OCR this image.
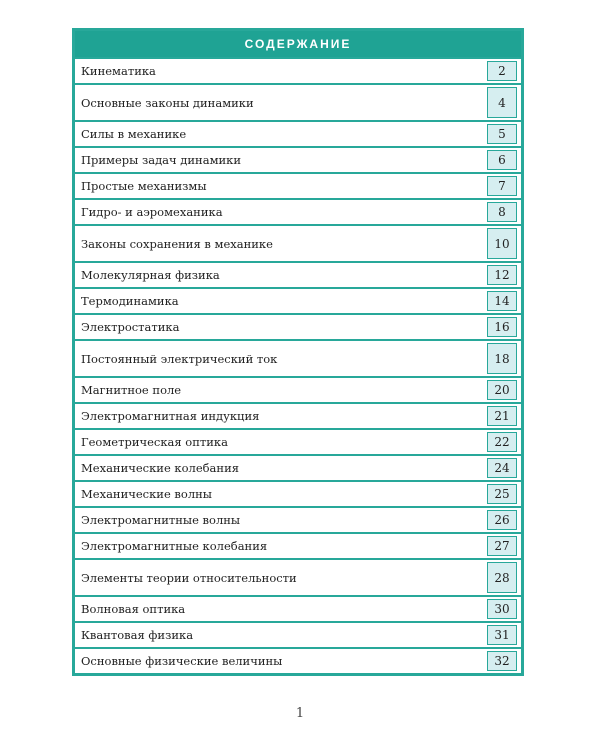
СОДЕРЖАНИЕ
Кинематика	2
Основные законы динамики	4
Силы в механике	5
Примеры задач динамики	6
Простые механизмы	7
Гидро- и аэромеханика	8
Законы сохранения в механике	10
Молекулярная физика	12
Термодинамика	14
Электростатика	16
Постоянный электрический ток	18
Магнитное поле	20
Электромагнитная индукция	21
Геометрическая оптика	22
Механические колебания	24
Механические волны	25
Электромагнитные волны	26
Электромагнитные колебания	27
Элементы теории относительности	28
Волновая оптика	30
Квантовая физика	31
Основные физические величины	32
1
